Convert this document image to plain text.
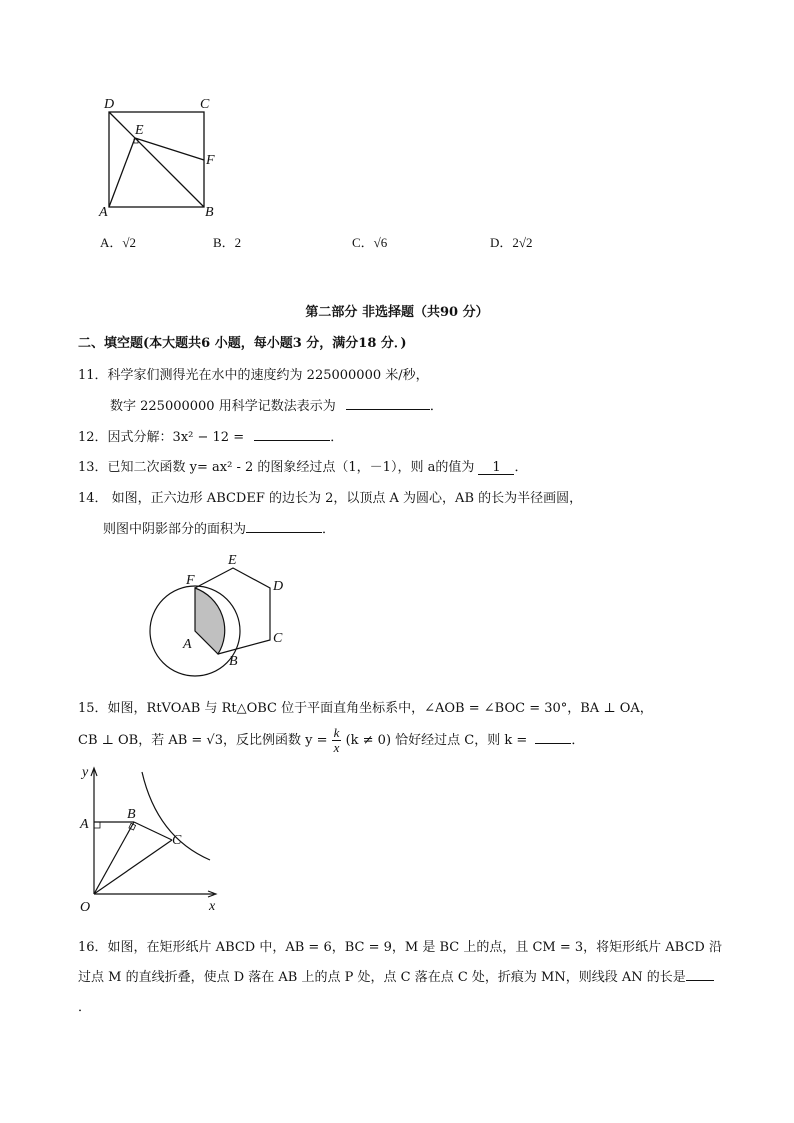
D	C
E
F
A	B
A．√2	B．2	C．√6	D．2√2
第二部分 非选择题（共90 分）
二、填空题(本大题共6 小题，每小题3 分，满分18 分．)
11．科学家们测得光在水中的速度约为 225000000 米/秒，
数字 225000000 用科学记数法表示为	．
12．因式分解：3x² − 12 =	．
13．已知二次函数 y= ax² - 2 的图象经过点（1，－1），则 a的值为 1 ．
14． 如图，正六边形 ABCDEF 的边长为 2，以顶点 A 为圆心，AB 的长为半径画圆，
则图中阴影部分的面积为	．
E
F	D
A	C
B
15．如图，RtVOAB 与 Rt△OBC 位于平面直角坐标系中，∠AOB = ∠BOC = 30°，BA ⊥ OA，
CB ⊥ OB，若 AB = √3，反比例函数 $y = \frac{k}{x} (k \ne 0)$ 恰好经过点 C，则 k =	．
y
x
O
A
B
C
16．如图，在矩形纸片 ABCD 中，AB = 6，BC = 9，M 是 BC 上的点，且 CM = 3，将矩形纸片 ABCD 沿
过点 M 的直线折叠，使点 D 落在 AB 上的点 P 处，点 C 落在点 C 处，折痕为 MN，则线段 AN 的长是
．
